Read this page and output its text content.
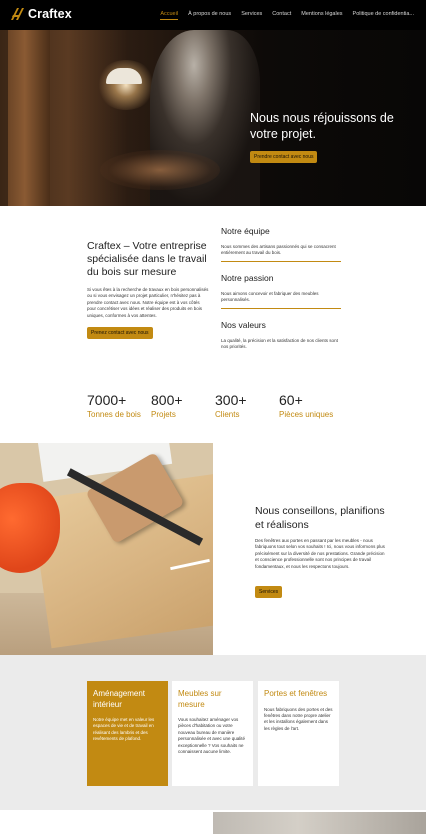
Craftex	Accueil À propos de nous Services Contact Mentions légales Politique de confidentia...
Nous nous réjouissons de votre projet.
Prendre contact avec nous
Craftex – Votre entreprise spécialisée dans le travail du bois sur mesure

Si vous êtes à la recherche de travaux en bois personnalisés ou si vous envisagez un projet particulier, n'hésitez pas à prendre contact avec nous. Notre équipe est à vos côtés pour concrétiser vos idées et réaliser des produits en bois uniques, conformes à vos attentes.

Prenez contact avec nous
Notre équipe

Nous sommes des artisans passionnés qui se consacrent entièrement au travail du bois.

Notre passion

Nous aimons concevoir et fabriquer des meubles personnalisés.

Nos valeurs

La qualité, la précision et la satisfaction de nos clients sont nos priorités.

7000+
Tonnes de bois
800+
Projets
300+
Clients
60+
Pièces uniques
Nous conseillons, planifions et réalisons

Des fenêtres aux portes en passant par les meubles - nous fabriquons tout selon vos souhaits ! Ici, nous vous informons plus précisément sur la diversité de nos prestations. Grande précision et conscience professionnelle sont nos principes de travail fondamentaux, et nous les respectons toujours.

Services
Aménagement intérieur

Notre équipe met en valeur les espaces de vie et de travail en réalisant des lambris et des revêtements de plafond.

Meubles sur mesure

Vous souhaitez aménager vos pièces d'habitation ou votre nouveau bureau de manière personnalisée et avec une qualité exceptionnelle ? Vos souhaits ne connaissent aucune limite.

Portes et fenêtres

Nous fabriquons des portes et des fenêtres dans notre propre atelier et les installons également dans les règles de l'art.
